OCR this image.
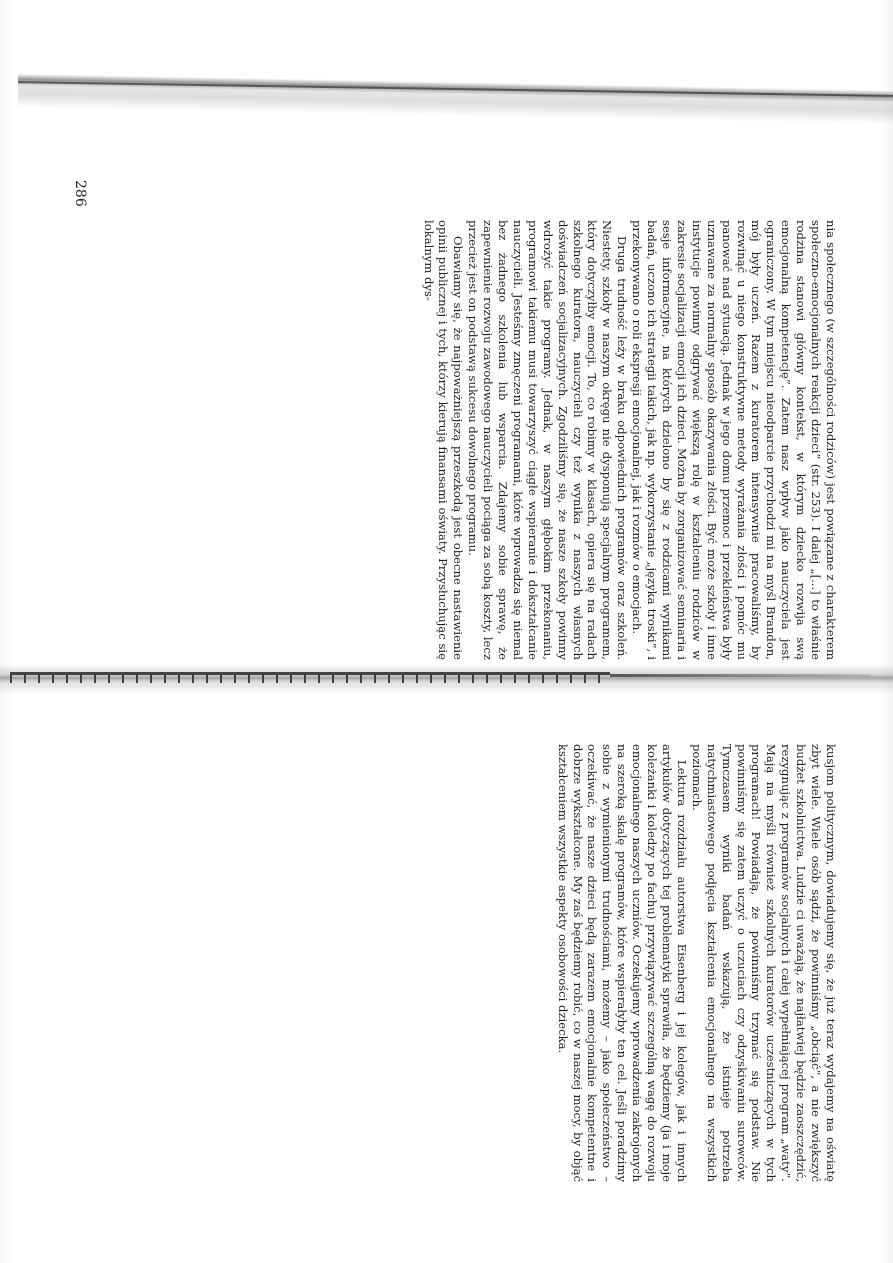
nia społecznego (w szczególności rodziców) jest powiązane z charakterem społeczno-emocjonalnych reakcji dzieci” (str. 253). I dalej „[...] to właśnie rodzina stanowi główny kontekst, w którym dziecko rozwija swą emocjonalną kompetencję”. Zatem nasz wpływ jako nauczyciela jest ograniczony. W tym miejscu nieodparcie przychodzi mi na myśl Brandon, mój były uczeń. Razem z kuratorem intensywnie pracowaliśmy, by rozwinąć u niego konstruktywne metody wyrażania złości i pomóc mu panować nad sytuacją. Jednak w jego domu przemoc i przekleństwa były uznawane za normalny sposób okazywania złości. Być może szkoły i inne instytucje powinny odgrywać większą rolę w kształceniu rodziców w zakresie socjalizacji emocji ich dzieci. Można by zorganizować seminaria i sesje informacyjne, na których dzielono by się z rodzicami wynikami badań, uczono ich strategii takich, jak np. wykorzystanie „języka troski”, i przekonywano o roli ekspresji emocjonalnej, jak i rozmów o emocjach.

Druga trudność leży w braku odpowiednich programów oraz szkoleń. Niestety, szkoły w naszym okręgu nie dysponują specjalnym programem, który dotyczyłby emocji. To, co robimy w klasach, opiera się na radach szkolnego kuratora, nauczycieli czy też wynika z naszych własnych doświadczeń socjalizacyjnych. Zgodziliśmy się, że nasze szkoły powinny wdrożyć takie programy. Jednak, w naszym głębokim przekonaniu, programowi takiemu musi towarzyszyć ciągłe wspieranie i dokształcanie nauczycieli. Jesteśmy zmęczeni programami, które wprowadza się niemal bez żadnego szkolenia lub wsparcia. Zdajemy sobie sprawę, że zapewnienie rozwoju zawodowego nauczycieli pociąga za sobą koszty, lecz przecież jest on podstawą sukcesu dowolnego programu.

Obawiamy się, że najpoważniejszą przeszkodą jest obecne nastawienie opinii publicznej i tych, którzy kierują finansami oświaty. Przysłuchując się lokalnym dys-

286

kusjom politycznym, dowiadujemy się, że już teraz wydajemy na oświatę zbyt wiele. Wiele osób sądzi, że powinniśmy „obciąć”, a nie zwiększyć budżet szkolnictwa. Ludzie ci uważają, że najłatwiej będzie zaoszczędzić, rezygnując z programów socjalnych i całej wypełniającej program „waty”. Mają na myśli również szkolnych kuratorów uczestniczących w tych programach! Powiadają, że powinniśmy trzymać się podstaw. Nie powinniśmy się zatem uczyć o uczuciach czy odzyskiwaniu surowców. Tymczasem wyniki badań wskazują, że istnieje potrzeba natychmiastowego podjęcia kształcenia emocjonalnego na wszystkich poziomach.

Lektura rozdziału autorstwa Eisenberg i jej kolegów, jak i innych artykułów dotyczących tej problematyki sprawiła, że będziemy (ja i moje koleżanki i koledzy po fachu) przywiązywać szczególną wagę do rozwoju emocjonalnego naszych uczniów. Oczekujemy wprowadzenia zakrojonych na szeroką skalę programów, które wspierałyby ten cel. Jeśli poradzimy sobie z wymienionymi trudnościami, możemy – jako społeczeństwo – oczekiwać, że nasze dzieci będą zarazem emocjonalnie kompetentne i dobrze wykształcone. My zaś będziemy robić, co w naszej mocy, by objąć kształceniem wszystkie aspekty osobowości dziecka.
